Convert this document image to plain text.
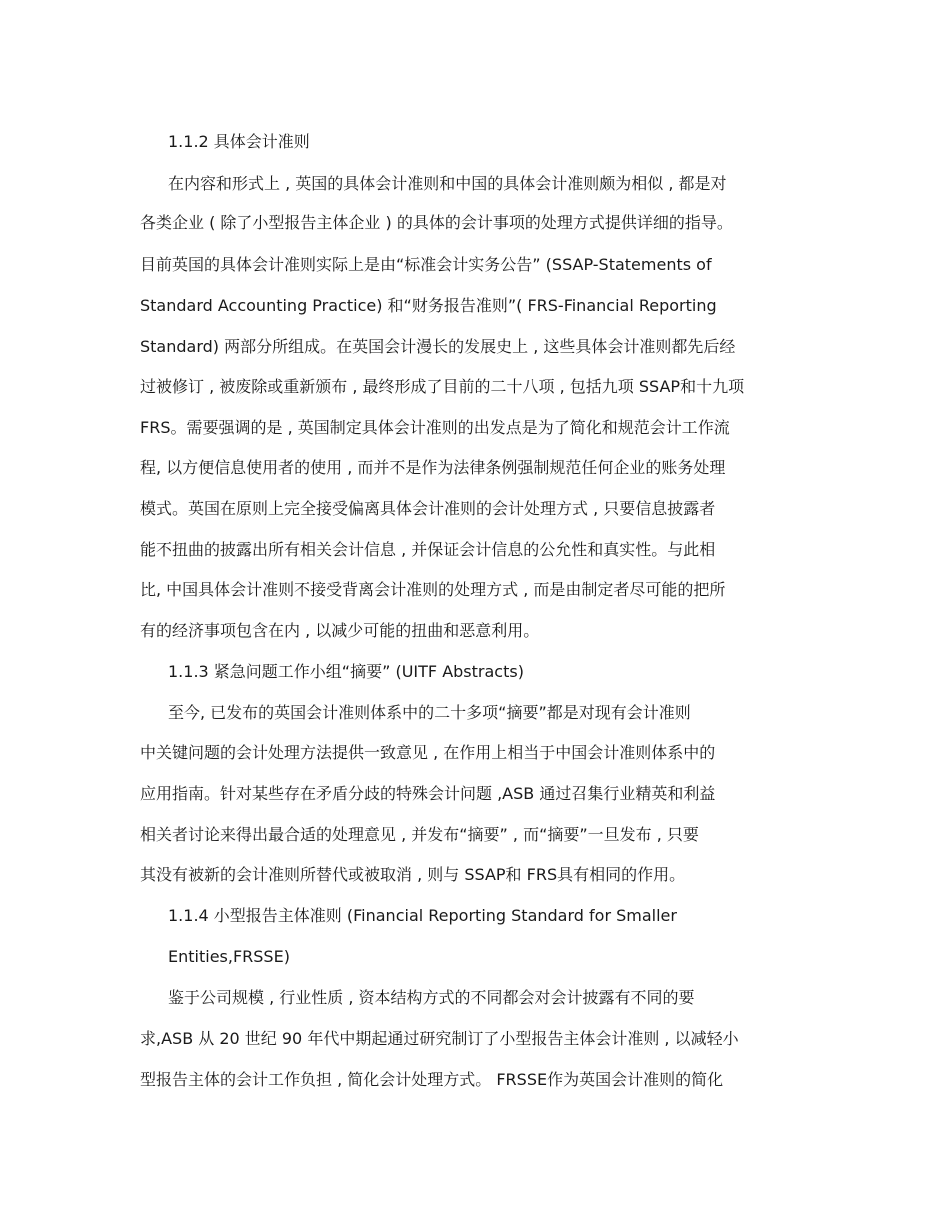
1.1.2 具体会计准则
在内容和形式上 , 英国的具体会计准则和中国的具体会计准则颇为相似 , 都是对
各类企业 ( 除了小型报告主体企业 ) 的具体的会计事项的处理方式提供详细的指导。
目前英国的具体会计准则实际上是由“标准会计实务公告” (SSAP-Statements of
Standard Accounting Practice) 和“财务报告准则”( FRS-Financial Reporting
Standard) 两部分所组成。在英国会计漫长的发展史上 , 这些具体会计准则都先后经
过被修订 , 被废除或重新颁布 , 最终形成了目前的二十八项 , 包括九项 SSAP和十九项
FRS。需要强调的是 , 英国制定具体会计准则的出发点是为了简化和规范会计工作流
程, 以方便信息使用者的使用 , 而并不是作为法律条例强制规范任何企业的账务处理
模式。英国在原则上完全接受偏离具体会计准则的会计处理方式 , 只要信息披露者
能不扭曲的披露出所有相关会计信息 , 并保证会计信息的公允性和真实性。与此相
比, 中国具体会计准则不接受背离会计准则的处理方式 , 而是由制定者尽可能的把所
有的经济事项包含在内 , 以减少可能的扭曲和恶意利用。
1.1.3 紧急问题工作小组“摘要” (UITF Abstracts)
至今, 已发布的英国会计准则体系中的二十多项“摘要”都是对现有会计准则
中关键问题的会计处理方法提供一致意见 , 在作用上相当于中国会计准则体系中的
应用指南。针对某些存在矛盾分歧的特殊会计问题 ,ASB 通过召集行业精英和利益
相关者讨论来得出最合适的处理意见 , 并发布“摘要” , 而“摘要”一旦发布 , 只要
其没有被新的会计准则所替代或被取消 , 则与 SSAP和 FRS具有相同的作用。
1.1.4 小型报告主体准则 (Financial Reporting Standard for Smaller
Entities,FRSSE)
鉴于公司规模 , 行业性质 , 资本结构方式的不同都会对会计披露有不同的要
求,ASB 从 20 世纪 90 年代中期起通过研究制订了小型报告主体会计准则 , 以减轻小
型报告主体的会计工作负担 , 简化会计处理方式。 FRSSE作为英国会计准则的简化
